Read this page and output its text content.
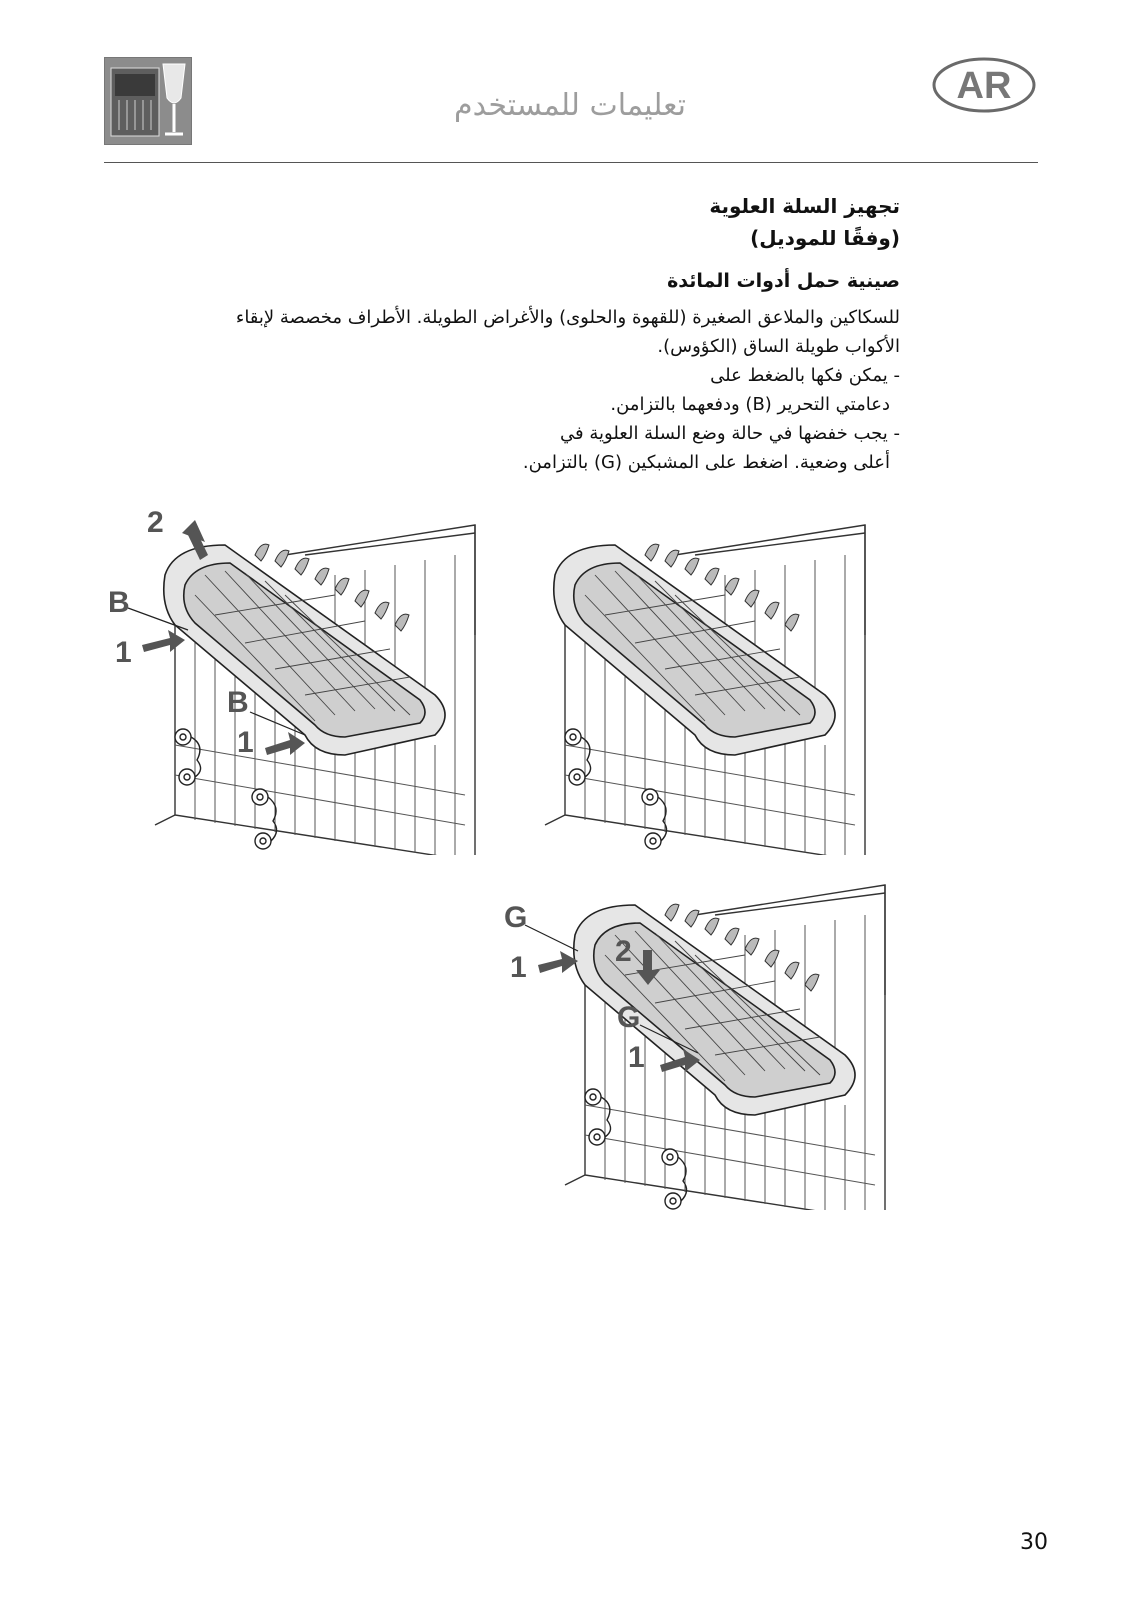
تعليمات للمستخدم	AR
تجهيز السلة العلوية
(وفقًا للموديل)
صينية حمل أدوات المائدة
للسكاكين والملاعق الصغيرة (للقهوة والحلوى) والأغراض الطويلة. الأطراف مخصصة لإبقاء
الأكواب طويلة الساق (الكؤوس).
- يمكن فكها بالضغط على
دعامتي التحرير (B) ودفعهما بالتزامن.
- يجب خفضها في حالة وضع السلة العلوية في
أعلى وضعية. اضغط على المشبكين (G) بالتزامن.
2
B
1
B
1
G
2
1
G
1
30
